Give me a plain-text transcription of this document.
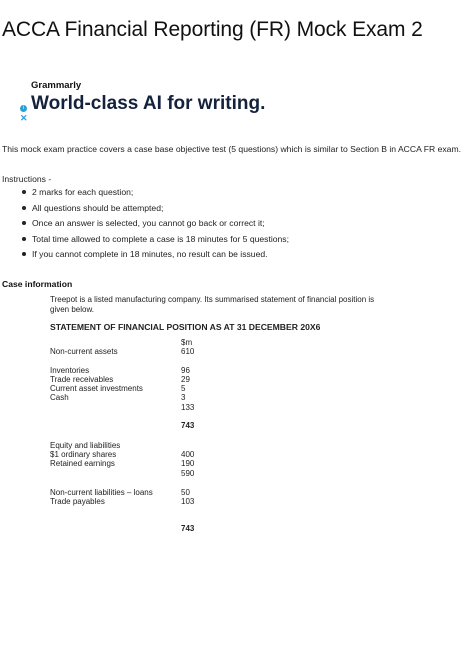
ACCA Financial Reporting (FR) Mock Exam 2
Grammarly
World-class AI for writing.
i
✕

This mock exam practice covers a case base objective test (5 questions) which is similar to Section B in ACCA FR exam.

Instructions -
2 marks for each question;
All questions should be attempted;
Once an answer is selected, you cannot go back or correct it;
Total time allowed to complete a case is 18 minutes for 5 questions;
If you cannot complete in 18 minutes, no result can be issued.
Case information
Treepot is a listed manufacturing company. Its summarised statement of financial position is given below.
STATEMENT OF FINANCIAL POSITION AS AT 31 DECEMBER 20X6
$m
Non-current assets	610
Inventories	96
Trade receivables	29
Current asset investments	5
Cash	3
133
743
Equity and liabilities
$1 ordinary shares	400
Retained earnings	190
590
Non-current liabilities – loans	50
Trade payables	103
743
